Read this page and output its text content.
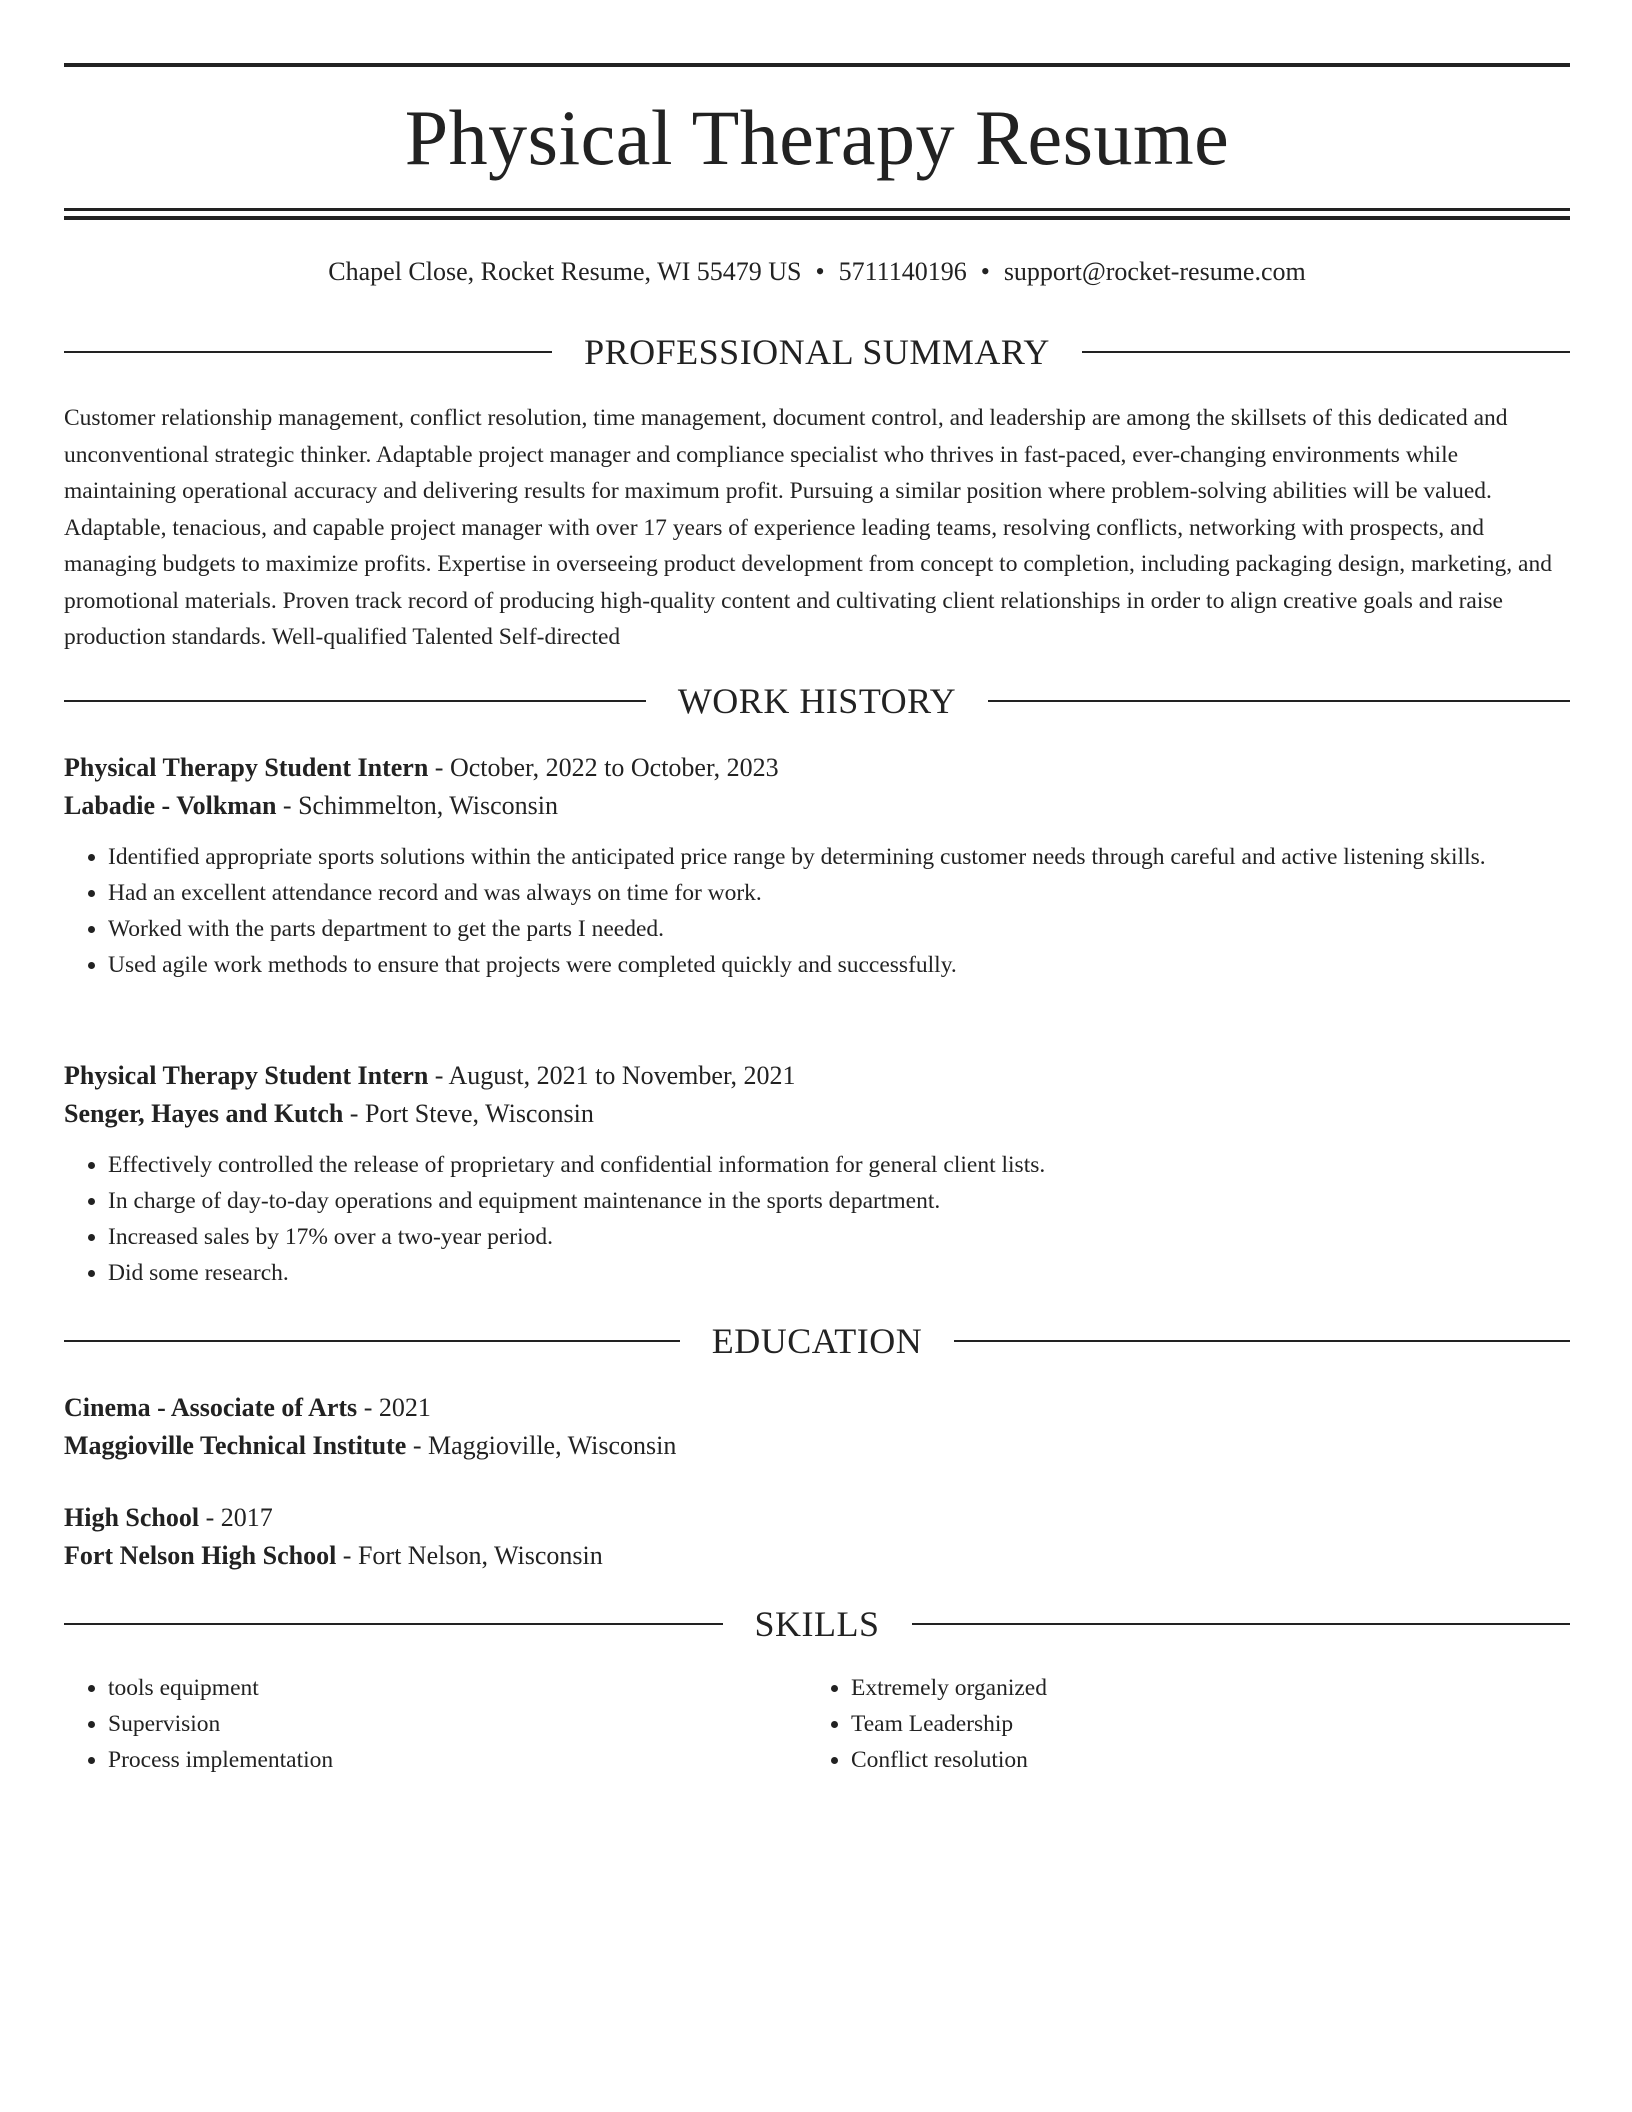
Physical Therapy Resume
Chapel Close, Rocket Resume, WI 55479 US • 5711140196 • support@rocket-resume.com
PROFESSIONAL SUMMARY

Customer relationship management, conflict resolution, time management, document control, and leadership are among the skillsets of this dedicated and unconventional strategic thinker. Adaptable project manager and compliance specialist who thrives in fast-paced, ever-changing environments while maintaining operational accuracy and delivering results for maximum profit. Pursuing a similar position where problem-solving abilities will be valued. Adaptable, tenacious, and capable project manager with over 17 years of experience leading teams, resolving conflicts, networking with prospects, and managing budgets to maximize profits. Expertise in overseeing product development from concept to completion, including packaging design, marketing, and promotional materials. Proven track record of producing high-quality content and cultivating client relationships in order to align creative goals and raise production standards. Well-qualified Talented Self-directed

WORK HISTORY
Physical Therapy Student Intern - October, 2022 to October, 2023
Labadie - Volkman - Schimmelton, Wisconsin
• Identified appropriate sports solutions within the anticipated price range by determining customer needs through careful and active listening skills.
• Had an excellent attendance record and was always on time for work.
• Worked with the parts department to get the parts I needed.
• Used agile work methods to ensure that projects were completed quickly and successfully.
Physical Therapy Student Intern - August, 2021 to November, 2021
Senger, Hayes and Kutch - Port Steve, Wisconsin
• Effectively controlled the release of proprietary and confidential information for general client lists.
• In charge of day-to-day operations and equipment maintenance in the sports department.
• Increased sales by 17% over a two-year period.
• Did some research.
EDUCATION
Cinema - Associate of Arts - 2021
Maggioville Technical Institute - Maggioville, Wisconsin
High School - 2017
Fort Nelson High School - Fort Nelson, Wisconsin
SKILLS
• tools equipment
• Supervision
• Process implementation
• Extremely organized
• Team Leadership
• Conflict resolution
